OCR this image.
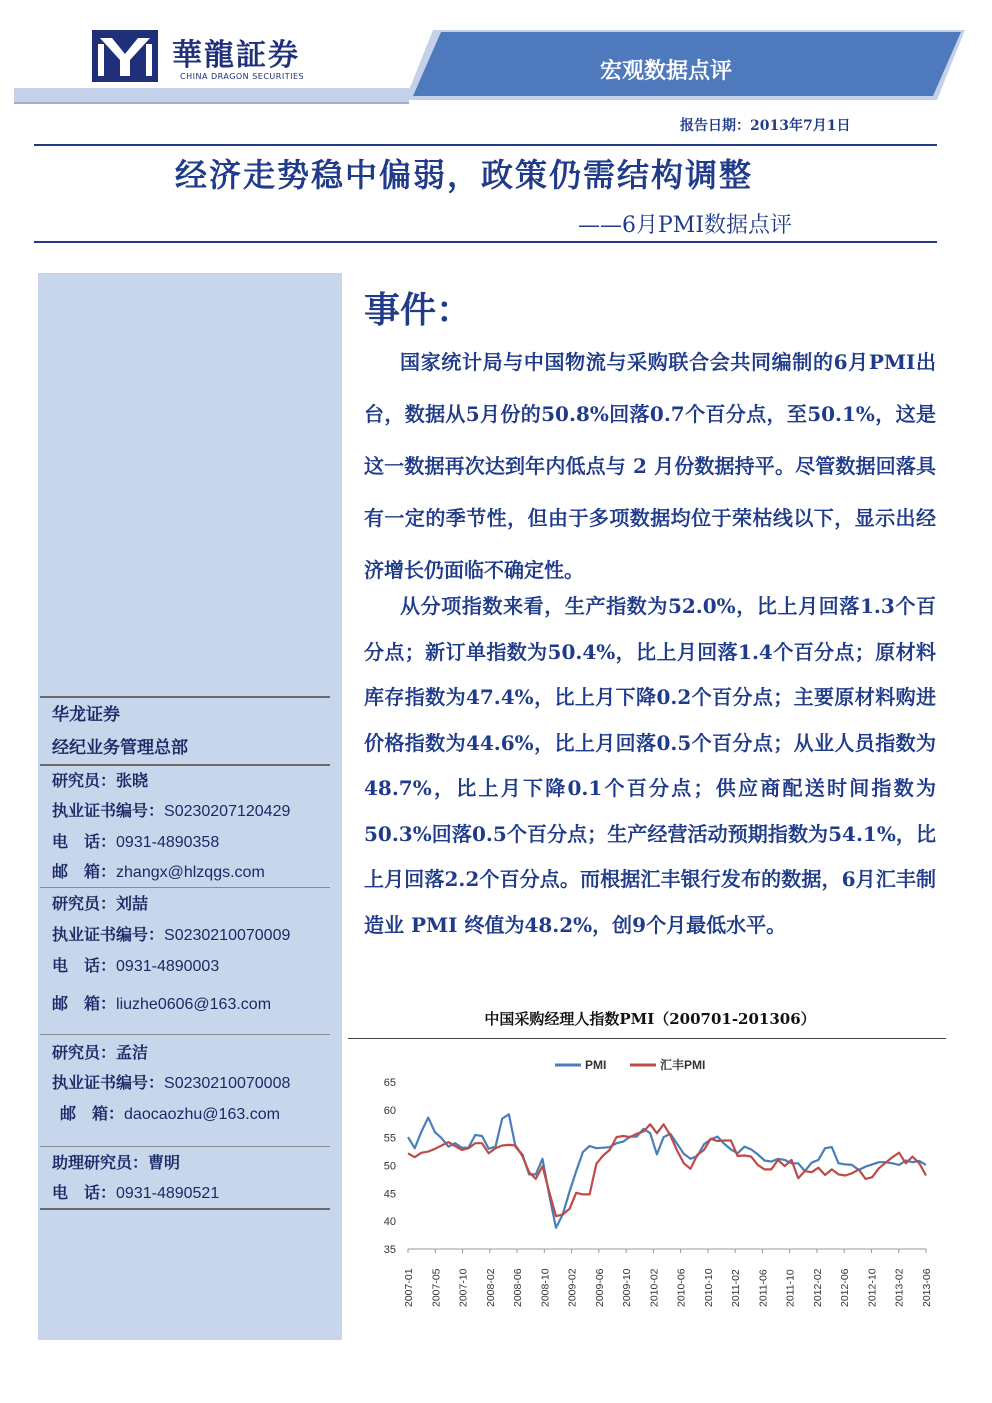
華龍証券
CHINA DRAGON SECURITIES	宏观数据点评
报告日期：2013年7月1日
经济走势稳中偏弱，政策仍需结构调整
——6月PMI数据点评
华龙证券
经纪业务管理总部
研究员：张晓
执业证书编号：S0230207120429
电　话：0931-4890358
邮　箱：zhangx@hlzqgs.com
研究员：刘喆
执业证书编号：S0230210070009
电　话：0931-4890003
邮　箱：liuzhe0606@163.com
研究员：孟洁
执业证书编号：S0230210070008
邮　箱：daocaozhu@163.com
助理研究员：曹明
电　话：0931-4890521
事件：
国家统计局与中国物流与采购联合会共同编制的6月PMI出台，数据从5月份的50.8%回落0.7个百分点，至50.1%，这是这一数据再次达到年内低点与 2 月份数据持平。尽管数据回落具有一定的季节性，但由于多项数据均位于荣枯线以下，显示出经济增长仍面临不确定性。
从分项指数来看，生产指数为52.0%，比上月回落1.3个百分点；新订单指数为50.4%，比上月回落1.4个百分点；原材料库存指数为47.4%，比上月下降0.2个百分点；主要原材料购进价格指数为44.6%，比上月回落0.5个百分点；从业人员指数为48.7%，比上月下降0.1个百分点；供应商配送时间指数为50.3%回落0.5个百分点；生产经营活动预期指数为54.1%，比上月回落2.2个百分点。而根据汇丰银行发布的数据，6月汇丰制造业 PMI 终值为48.2%，创9个月最低水平。
中国采购经理人指数PMI（200701-201306）
PMI	汇丰PMI
35
40
45
50
55
60
65
2007-01 2007-05 2007-10 2008-02 2008-06 2008-10 2009-02 2009-06 2009-10 2010-02 2010-06 2010-10 2011-02 2011-06 2011-10 2012-02 2012-06 2012-10 2013-02 2013-06
